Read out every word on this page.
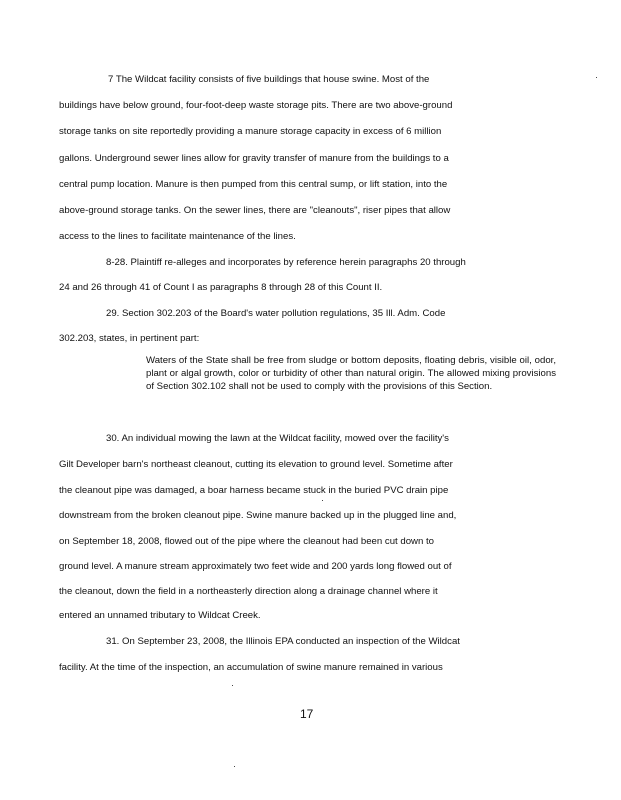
7 The Wildcat facility consists of five buildings that house swine. Most of the
buildings have below ground, four-foot-deep waste storage pits. There are two above-ground
storage tanks on site reportedly providing a manure storage capacity in excess of 6 million
gallons. Underground sewer lines allow for gravity transfer of manure from the buildings to a
central pump location. Manure is then pumped from this central sump, or lift station, into the
above-ground storage tanks. On the sewer lines, there are "cleanouts", riser pipes that allow
access to the lines to facilitate maintenance of the lines.
8-28. Plaintiff re-alleges and incorporates by reference herein paragraphs 20 through
24 and 26 through 41 of Count I as paragraphs 8 through 28 of this Count II.
29. Section 302.203 of the Board's water pollution regulations, 35 Ill. Adm. Code
302.203, states, in pertinent part:
Waters of the State shall be free from sludge or bottom deposits, floating debris, visible oil, odor, plant or algal growth, color or turbidity of other than natural origin. The allowed mixing provisions of Section 302.102 shall not be used to comply with the provisions of this Section.
30. An individual mowing the lawn at the Wildcat facility, mowed over the facility's
Gilt Developer barn's northeast cleanout, cutting its elevation to ground level. Sometime after
the cleanout pipe was damaged, a boar harness became stuck in the buried PVC drain pipe
downstream from the broken cleanout pipe. Swine manure backed up in the plugged line and,
on September 18, 2008, flowed out of the pipe where the cleanout had been cut down to
ground level. A manure stream approximately two feet wide and 200 yards long flowed out of
the cleanout, down the field in a northeasterly direction along a drainage channel where it
entered an unnamed tributary to Wildcat Creek.
31. On September 23, 2008, the Illinois EPA conducted an inspection of the Wildcat
facility. At the time of the inspection, an accumulation of swine manure remained in various
17
